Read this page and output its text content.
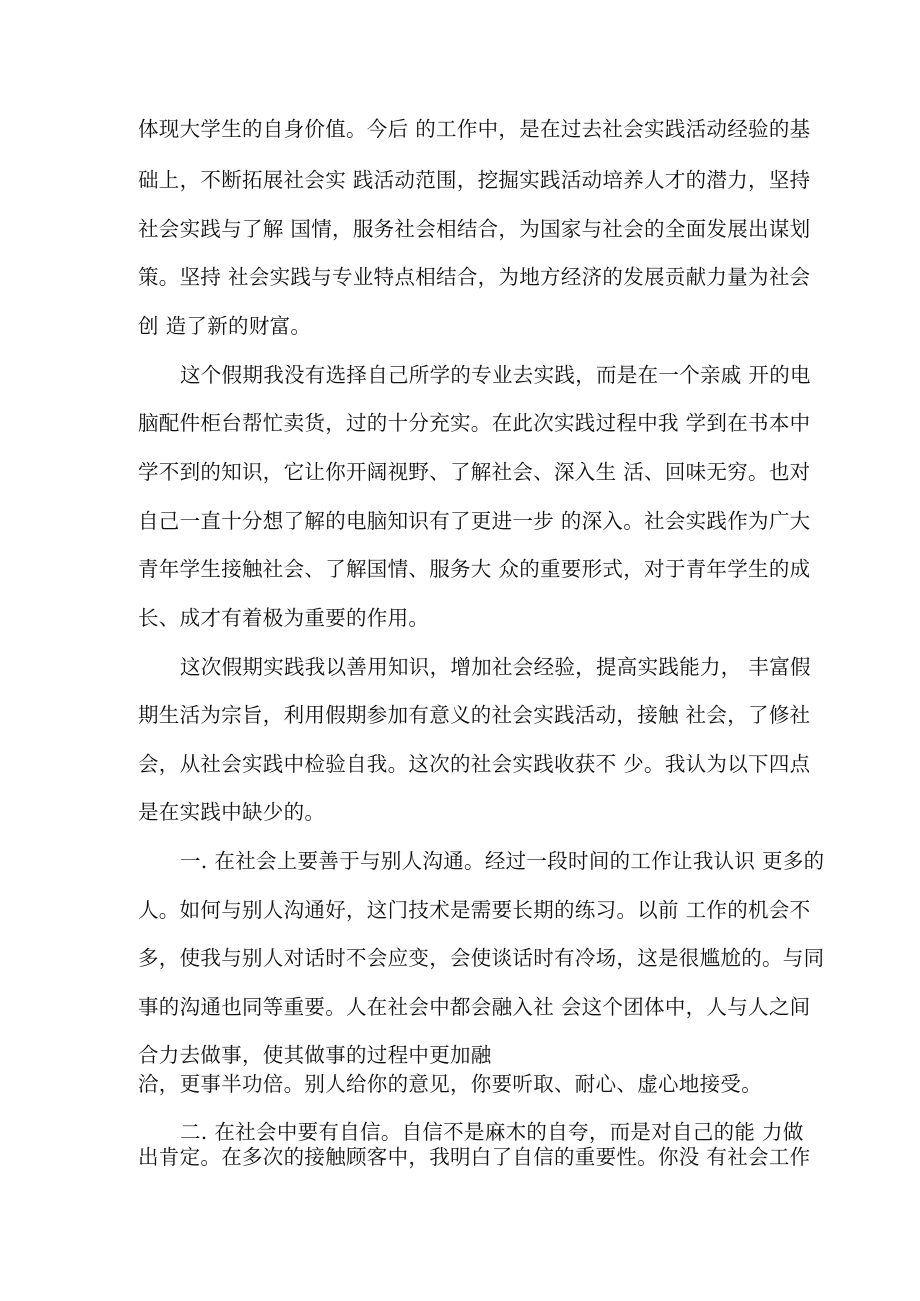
体现大学生的自身价值。今后 的工作中，是在过去社会实践活动经验的基
础上，不断拓展社会实 践活动范围，挖掘实践活动培养人才的潜力，坚持
社会实践与了解 国情，服务社会相结合，为国家与社会的全面发展出谋划
策。坚持 社会实践与专业特点相结合，为地方经济的发展贡献力量为社会
创 造了新的财富。
这个假期我没有选择自己所学的专业去实践，而是在一个亲戚 开的电
脑配件柜台帮忙卖货，过的十分充实。在此次实践过程中我 学到在书本中
学不到的知识，它让你开阔视野、了解社会、深入生 活、回味无穷。也对
自己一直十分想了解的电脑知识有了更进一步 的深入。社会实践作为广大
青年学生接触社会、了解国情、服务大 众的重要形式，对于青年学生的成
长、成才有着极为重要的作用。
这次假期实践我以善用知识，增加社会经验，提高实践能力， 丰富假
期生活为宗旨，利用假期参加有意义的社会实践活动，接触 社会，了修社
会，从社会实践中检验自我。这次的社会实践收获不 少。我认为以下四点
是在实践中缺少的。
一. 在社会上要善于与别人沟通。经过一段时间的工作让我认识 更多的
人。如何与别人沟通好，这门技术是需要长期的练习。以前 工作的机会不
多，使我与别人对话时不会应变，会使谈话时有冷场，这是很尴尬的。与同
事的沟通也同等重要。人在社会中都会融入社 会这个团体中，人与人之间
合力去做事，使其做事的过程中更加融
洽，更事半功倍。别人给你的意见，你要听取、耐心、虚心地接受。
二. 在社会中要有自信。自信不是麻木的自夸，而是对自己的能 力做
出肯定。在多次的接触顾客中，我明白了自信的重要性。你没 有社会工作
